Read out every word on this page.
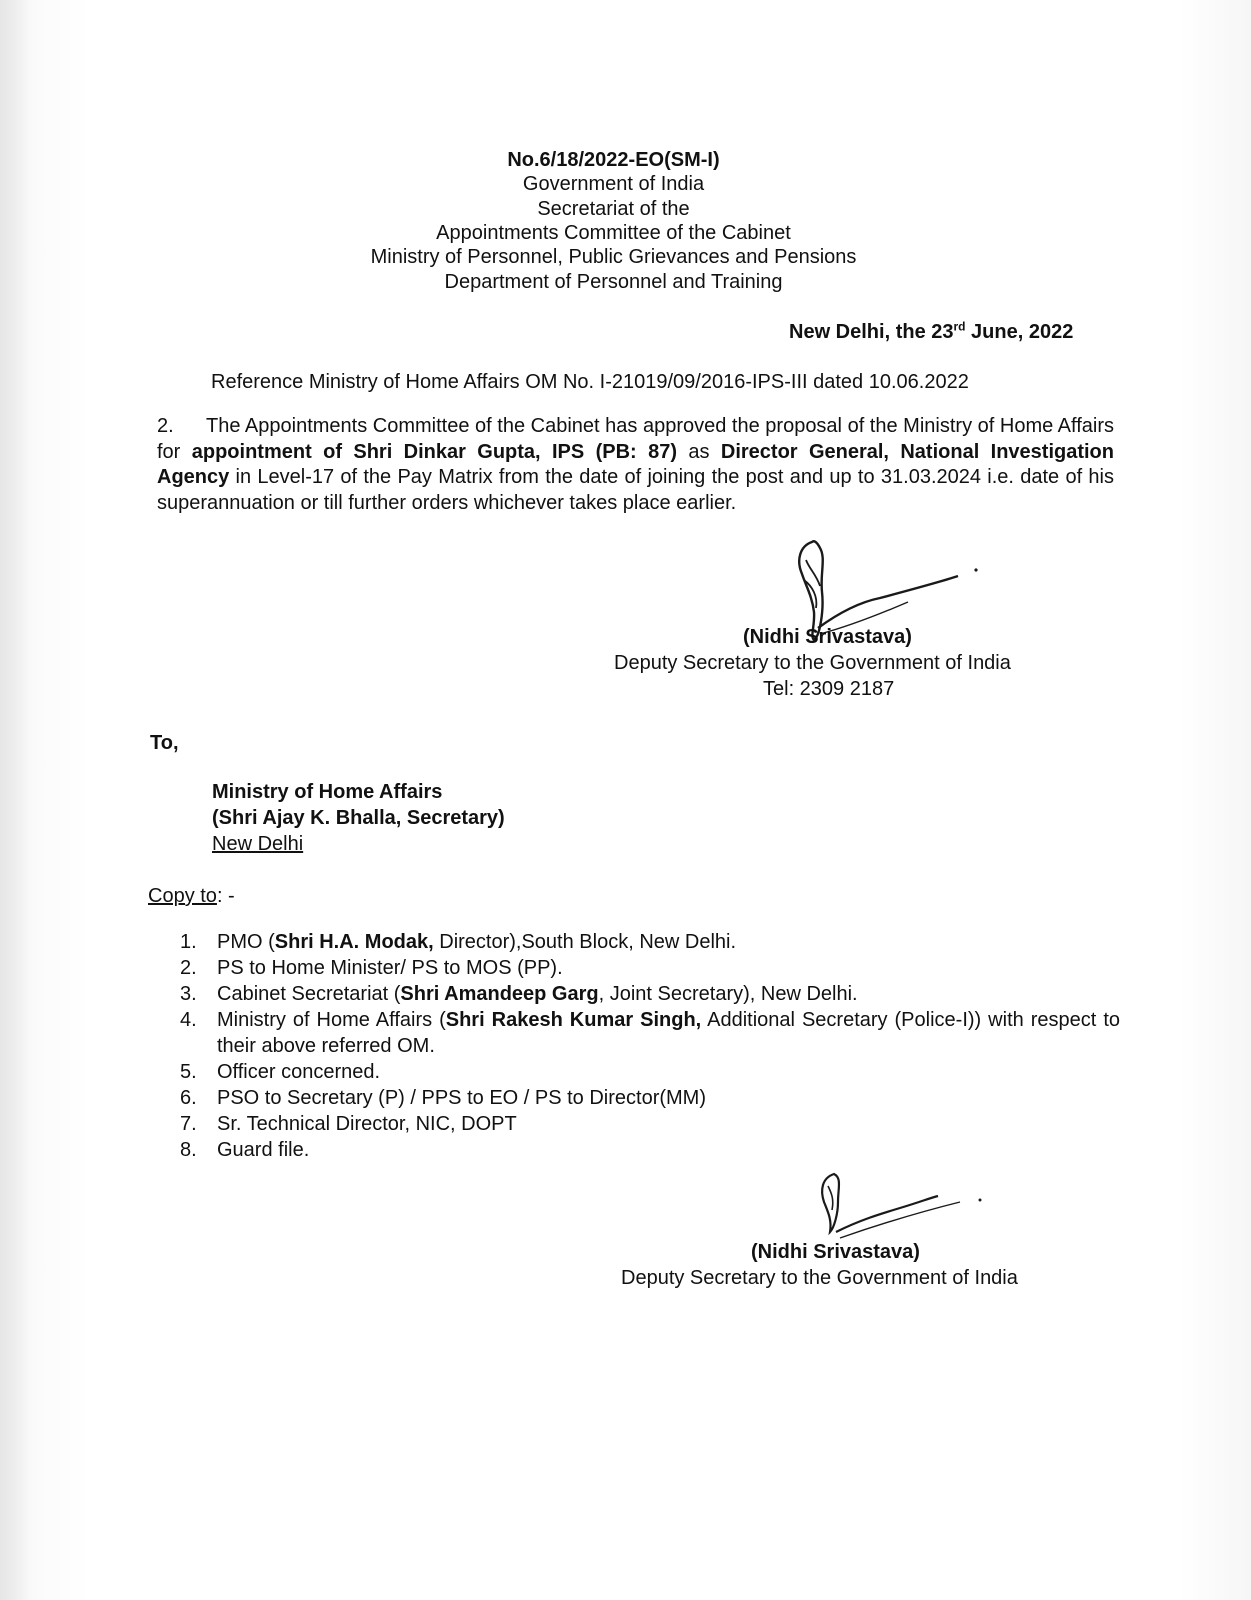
No.6/18/2022-EO(SM-I)
Government of India
Secretariat of the
Appointments Committee of the Cabinet
Ministry of Personnel, Public Grievances and Pensions
Department of Personnel and Training
New Delhi, the 23rd June, 2022
Reference Ministry of Home Affairs OM No. I-21019/09/2016-IPS-III dated 10.06.2022
2. The Appointments Committee of the Cabinet has approved the proposal of the Ministry of Home Affairs for appointment of Shri Dinkar Gupta, IPS (PB: 87) as Director General, National Investigation Agency in Level-17 of the Pay Matrix from the date of joining the post and up to 31.03.2024 i.e. date of his superannuation or till further orders whichever takes place earlier.
(Nidhi Srivastava)
Deputy Secretary to the Government of India
Tel: 2309 2187
To,
Ministry of Home Affairs
(Shri Ajay K. Bhalla, Secretary)
New Delhi
Copy to: -
1.	PMO (Shri H.A. Modak, Director),South Block, New Delhi.
2.	PS to Home Minister/ PS to MOS (PP).
3.	Cabinet Secretariat (Shri Amandeep Garg, Joint Secretary), New Delhi.
4.	Ministry of Home Affairs (Shri Rakesh Kumar Singh, Additional Secretary (Police-I)) with respect to their above referred OM.
5.	Officer concerned.
6.	PSO to Secretary (P) / PPS to EO / PS to Director(MM)
7.	Sr. Technical Director, NIC, DOPT
8.	Guard file.
(Nidhi Srivastava)
Deputy Secretary to the Government of India
